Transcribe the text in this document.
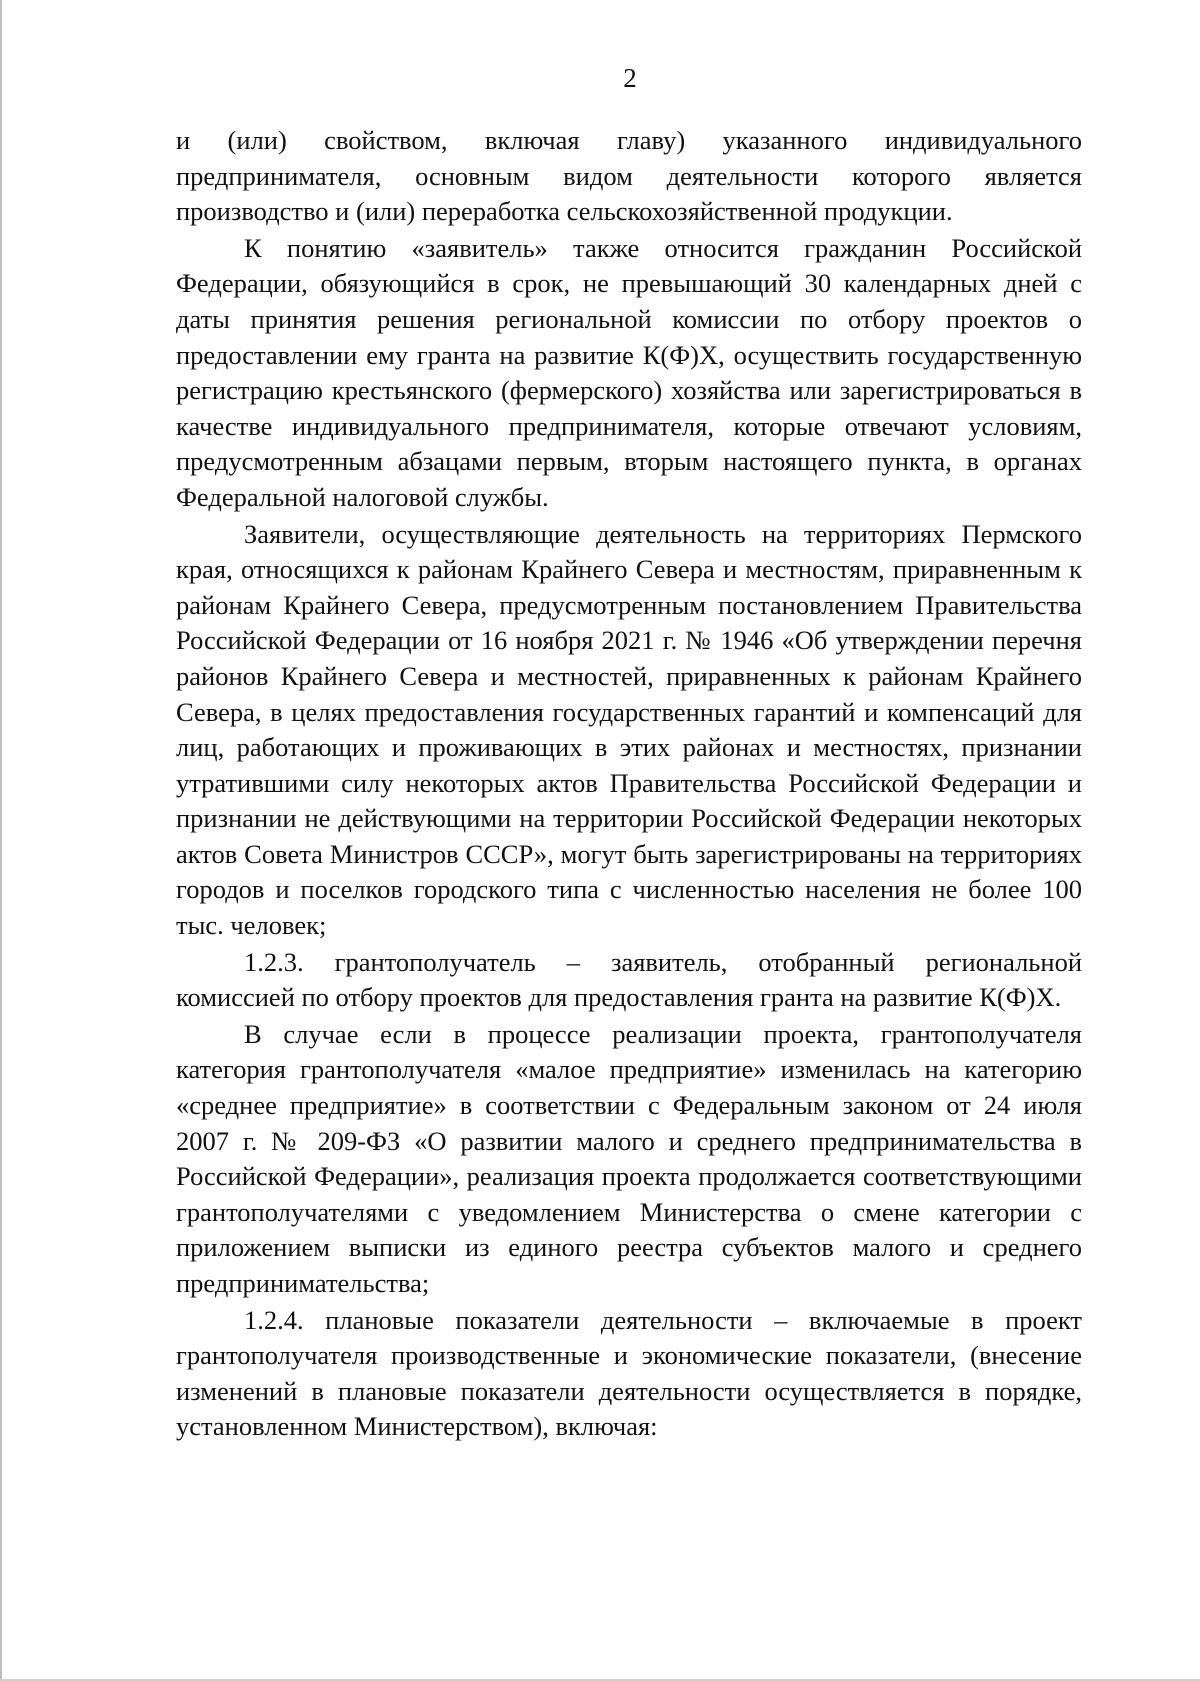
2

и (или) свойством, включая главу) указанного индивидуального предпринимателя, основным видом деятельности которого является производство и (или) переработка сельскохозяйственной продукции.

К понятию «заявитель» также относится гражданин Российской Федерации, обязующийся в срок, не превышающий 30 календарных дней с даты принятия решения региональной комиссии по отбору проектов о предоставлении ему гранта на развитие К(Ф)Х, осуществить государственную регистрацию крестьянского (фермерского) хозяйства или зарегистрироваться в качестве индивидуального предпринимателя, которые отвечают условиям, предусмотренным абзацами первым, вторым настоящего пункта, в органах Федеральной налоговой службы.

Заявители, осуществляющие деятельность на территориях Пермского края, относящихся к районам Крайнего Севера и местностям, приравненным к районам Крайнего Севера, предусмотренным постановлением Правительства Российской Федерации от 16 ноября 2021 г. № 1946 «Об утверждении перечня районов Крайнего Севера и местностей, приравненных к районам Крайнего Севера, в целях предоставления государственных гарантий и компенсаций для лиц, работающих и проживающих в этих районах и местностях, признании утратившими силу некоторых актов Правительства Российской Федерации и признании не действующими на территории Российской Федерации некоторых актов Совета Министров СССР», могут быть зарегистрированы на территориях городов и поселков городского типа с численностью населения не более 100 тыс. человек;

1.2.3. грантополучатель – заявитель, отобранный региональной комиссией по отбору проектов для предоставления гранта на развитие К(Ф)Х.

В случае если в процессе реализации проекта, грантополучателя категория грантополучателя «малое предприятие» изменилась на категорию «среднее предприятие» в соответствии с Федеральным законом от 24 июля 2007 г. № 209-ФЗ «О развитии малого и среднего предпринимательства в Российской Федерации», реализация проекта продолжается соответствующими грантополучателями с уведомлением Министерства о смене категории с приложением выписки из единого реестра субъектов малого и среднего предпринимательства;

1.2.4. плановые показатели деятельности – включаемые в проект грантополучателя производственные и экономические показатели, (внесение изменений в плановые показатели деятельности осуществляется в порядке, установленном Министерством), включая:
